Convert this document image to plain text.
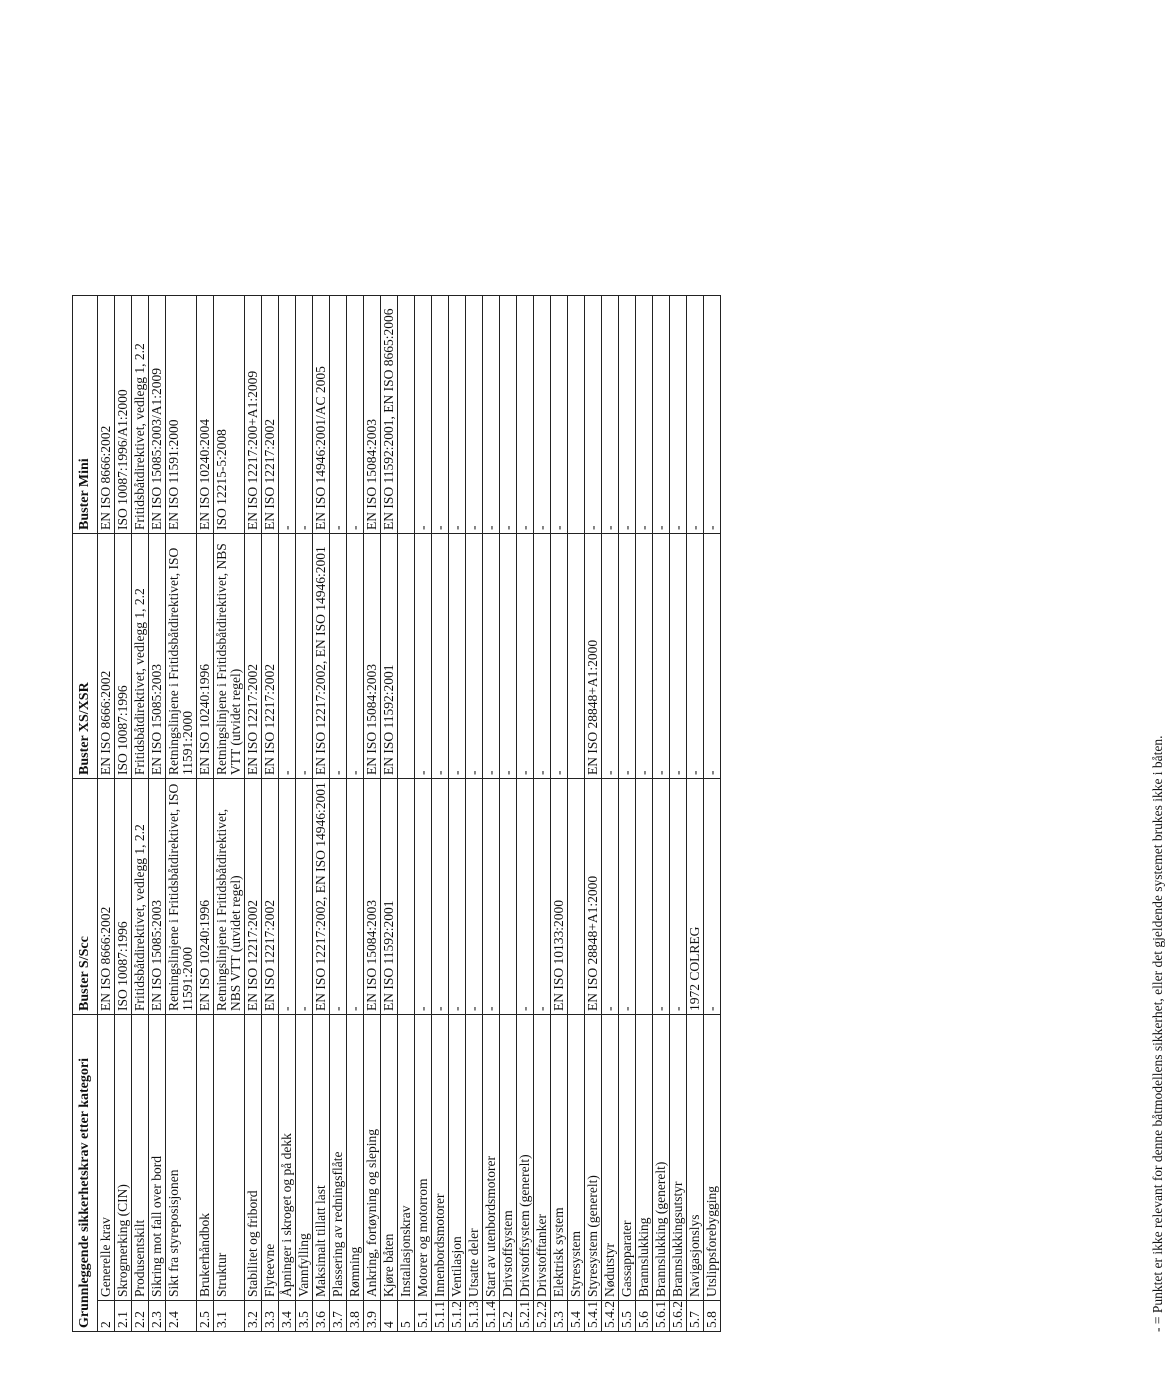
Grunnleggende sikkerhetskrav etter kategori		Buster S/Scc	Buster XS/XSR	Buster Mini
2	Generelle krav	EN ISO 8666:2002	EN ISO 8666:2002	EN ISO 8666:2002
2.1	Skrogmerking (CIN)	ISO 10087:1996	ISO 10087:1996	ISO 10087:1996/A1:2000
2.2	Produsentskilt	Fritidsbåtdirektivet, vedlegg 1, 2.2	Fritidsbåtdirektivet, vedlegg 1, 2.2	Fritidsbåtdirektivet, vedlegg 1, 2.2
2.3	Sikring mot fall over bord	EN ISO 15085:2003	EN ISO 15085:2003	EN ISO 15085:2003/A1:2009
2.4	Sikt fra styreposisjonen	Retningslinjene i Fritidsbåtdirektivet, ISO 11591:2000	Retningslinjene i Fritidsbåtdirektivet, ISO 11591:2000	EN ISO 11591:2000
2.5	Brukerhåndbok	EN ISO 10240:1996	EN ISO 10240:1996	EN ISO 10240:2004
3.1	Struktur	Retningslinjene i Fritidsbåtdirektivet, NBS VTT (utvidet regel)	Retningslinjene i Fritidsbåtdirektivet, NBS VTT (utvidet regel)	ISO 12215-5:2008
3.2	Stabilitet og fribord	EN ISO 12217:2002	EN ISO 12217:2002	EN ISO 12217:200+A1:2009
3.3	Flyteevne	EN ISO 12217:2002	EN ISO 12217:2002	EN ISO 12217:2002
3.4	Åpninger i skroget og på dekk	-	-	-
3.5	Vannfylling	-	-	-
3.6	Maksimalt tillatt last	EN ISO 12217:2002, EN ISO 14946:2001	EN ISO 12217:2002, EN ISO 14946:2001	EN ISO 14946:2001/AC 2005
3.7	Plassering av redningsflåte	-	-	-
3.8	Rømning	-	-	-
3.9	Ankring, fortøyning og sleping	EN ISO 15084:2003	EN ISO 15084:2003	EN ISO 15084:2003
4	Kjøre båten	EN ISO 11592:2001	EN ISO 11592:2001	EN ISO 11592:2001, EN ISO 8665:2006
5	Installasjonskrav			
5.1	Motorer og motorrom	-	-	-
5.1.1	Innenbordsmotorer	-	-	-
5.1.2	Ventilasjon	-	-	-
5.1.3	Utsatte deler	-	-	-
5.1.4	Start av utenbordsmotorer	-	-	-
5.2	Drivstoffsystem		-	-
5.2.1	Drivstoffsystem (generelt)	-	-	-
5.2.2	Drivstofftanker	-	-	-
5.3	Elektrisk system	EN ISO 10133:2000	-	-
5.4	Styresystem			
5.4.1	Styresystem (generelt)	EN ISO 28848+A1:2000	EN ISO 28848+A1:2000	-
5.4.2	Nødutstyr	-	-	-
5.5	Gassapparater	-	-	-
5.6	Brannslukking		-	-
5.6.1	Brannslukking (generelt)	-	-	-
5.6.2	Brannslukkingsutstyr	-	-	-
5.7	Navigasjonslys	1972 COLREG	-	-
5.8	Utslippsforebygging	-	-	-
- = Punktet er ikke relevant for denne båtmodellens sikkerhet, eller det gjeldende systemet brukes ikke i båten.
